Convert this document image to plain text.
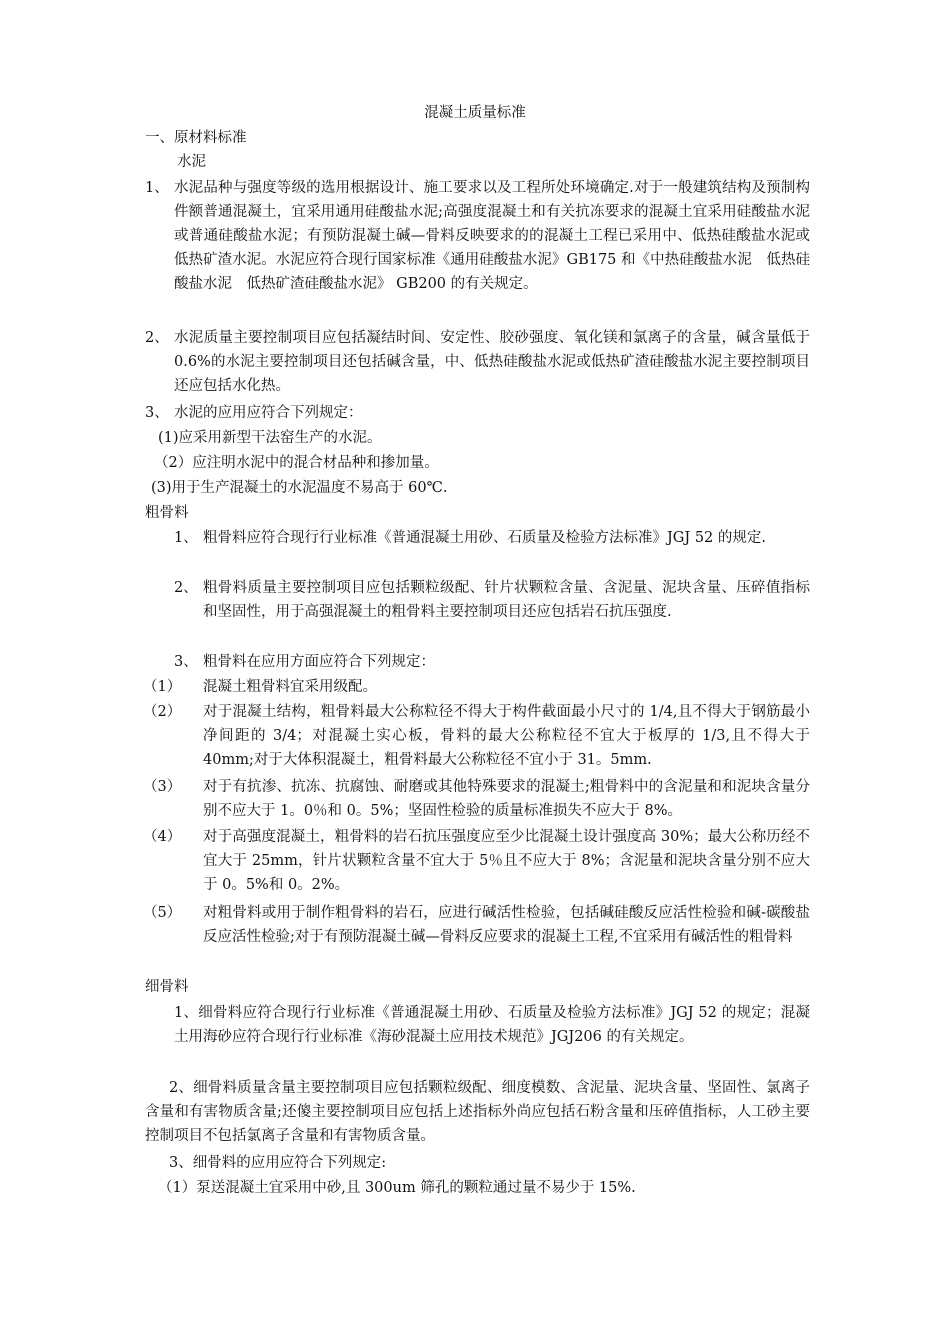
混凝土质量标准
一、原材料标准
水泥
1、 水泥品种与强度等级的选用根据设计、施工要求以及工程所处环境确定.对于一般建筑结构及预制构件额普通混凝土，宜采用通用硅酸盐水泥;高强度混凝土和有关抗冻要求的混凝土宜采用硅酸盐水泥或普通硅酸盐水泥；有预防混凝土碱—骨料反映要求的的混凝土工程已采用中、低热硅酸盐水泥或低热矿渣水泥。水泥应符合现行国家标准《通用硅酸盐水泥》GB175 和《中热硅酸盐水泥　低热硅酸盐水泥　低热矿渣硅酸盐水泥》 GB200 的有关规定。
2、 水泥质量主要控制项目应包括凝结时间、安定性、胶砂强度、氧化镁和氯离子的含量，碱含量低于 0.6%的水泥主要控制项目还包括碱含量，中、低热硅酸盐水泥或低热矿渣硅酸盐水泥主要控制项目还应包括水化热。
3、 水泥的应用应符合下列规定：
(1)应采用新型干法窑生产的水泥。
（2）应注明水泥中的混合材品种和掺加量。
(3)用于生产混凝土的水泥温度不易高于 60℃.
粗骨料
1、 粗骨料应符合现行行业标准《普通混凝土用砂、石质量及检验方法标准》JGJ 52 的规定.
2、 粗骨料质量主要控制项目应包括颗粒级配、针片状颗粒含量、含泥量、泥块含量、压碎值指标和坚固性，用于高强混凝土的粗骨料主要控制项目还应包括岩石抗压强度.
3、 粗骨料在应用方面应符合下列规定：
（1） 混凝土粗骨料宜采用级配。
（2） 对于混凝土结构，粗骨料最大公称粒径不得大于构件截面最小尺寸的 1/4,且不得大于钢筋最小净间距的 3/4；对混凝土实心板，骨料的最大公称粒径不宜大于板厚的 1/3,且不得大于 40mm;对于大体积混凝土，粗骨料最大公称粒径不宜小于 31。5mm.
（3） 对于有抗渗、抗冻、抗腐蚀、耐磨或其他特殊要求的混凝土;粗骨料中的含泥量和和泥块含量分别不应大于 1。0％和 0。5%；坚固性检验的质量标准损失不应大于 8%。
（4） 对于高强度混凝土，粗骨料的岩石抗压强度应至少比混凝土设计强度高 30%；最大公称历经不宜大于 25mm，针片状颗粒含量不宜大于 5％且不应大于 8%；含泥量和泥块含量分别不应大于 0。5%和 0。2%。
（5） 对粗骨料或用于制作粗骨料的岩石，应进行碱活性检验，包括碱硅酸反应活性检验和碱-碳酸盐反应活性检验;对于有预防混凝土碱—骨料反应要求的混凝土工程,不宜采用有碱活性的粗骨料
细骨料
1、细骨料应符合现行行业标准《普通混凝土用砂、石质量及检验方法标准》JGJ 52 的规定；混凝土用海砂应符合现行行业标准《海砂混凝土应用技术规范》JGJ206 的有关规定。
2、细骨料质量含量主要控制项目应包括颗粒级配、细度模数、含泥量、泥块含量、坚固性、氯离子含量和有害物质含量;还傻主要控制项目应包括上述指标外尚应包括石粉含量和压碎值指标，人工砂主要控制项目不包括氯离子含量和有害物质含量。
3、细骨料的应用应符合下列规定:
（1）泵送混凝土宜采用中砂,且 300um 筛孔的颗粒通过量不易少于 15%.
